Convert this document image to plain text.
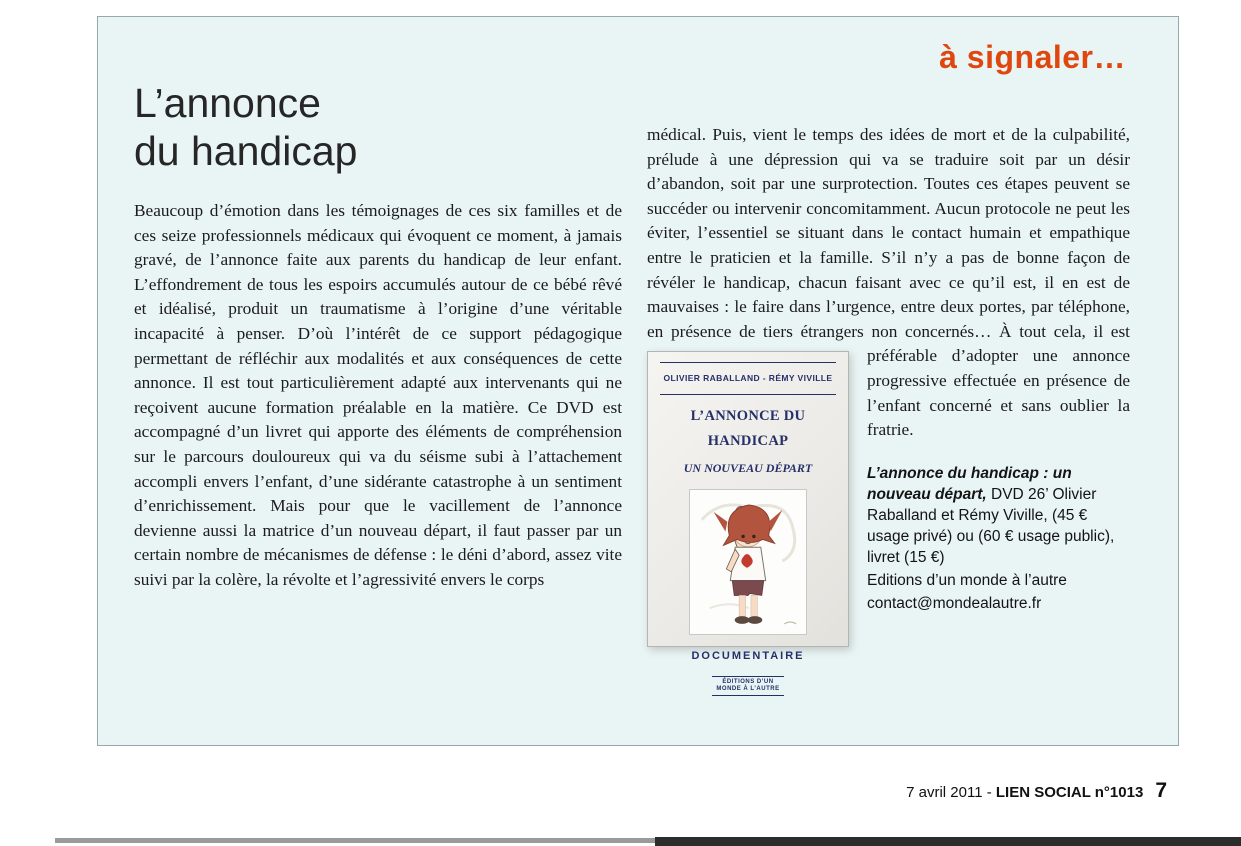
à signaler…
L’annonce
du handicap
Beaucoup d’émotion dans les témoignages de ces six familles et de ces seize professionnels médicaux qui évoquent ce moment, à jamais gravé, de l’annonce faite aux parents du handicap de leur enfant. L’effondrement de tous les espoirs accumulés autour de ce bébé rêvé et idéalisé, produit un traumatisme à l’origine d’une véritable incapacité à penser. D’où l’intérêt de ce support pédagogique permettant de réfléchir aux modalités et aux conséquences de cette annonce. Il est tout particulièrement adapté aux intervenants qui ne reçoivent aucune formation préalable en la matière. Ce DVD est accompagné d’un livret qui apporte des éléments de compréhension sur le parcours douloureux qui va du séisme subi à l’attachement accompli envers l’enfant, d’une sidérante catastrophe à un sentiment d’enrichissement. Mais pour que le vacillement de l’annonce devienne aussi la matrice d’un nouveau départ, il faut passer par un certain nombre de mécanismes de défense : le déni d’abord, assez vite suivi par la colère, la révolte et l’agressivité envers le corps
médical. Puis, vient le temps des idées de mort et de la culpabilité, prélude à une dépression qui va se traduire soit par un désir d’abandon, soit par une surprotection. Toutes ces étapes peuvent se succéder ou intervenir concomitamment. Aucun protocole ne peut les éviter, l’essentiel se situant dans le contact humain et empathique entre le praticien et la famille. S’il n’y a pas de bonne façon de révéler le handicap, chacun faisant avec ce qu’il est, il en est de mauvaises : le faire dans l’urgence, entre deux portes, par téléphone, en présence de tiers étrangers non concernés… À tout
OLIVIER RABALLAND - RÉMY VIVILLE
L’ANNONCE DU HANDICAP
UN NOUVEAU DÉPART
DOCUMENTAIRE
ÉDITIONS D’UN MONDE À L’AUTRE
cela, il est préférable d’adopter une annonce progressive effectuée en présence de l’enfant concerné et sans oublier la fratrie.
L’annonce du handicap : un nouveau départ, DVD 26’ Olivier Raballand et Rémy Viville, (45 € usage privé) ou (60 € usage public), livret (15 €)
Editions d’un monde à l’autre
contact@mondealautre.fr
7 avril 2011 - LIEN SOCIAL n°1013 7
